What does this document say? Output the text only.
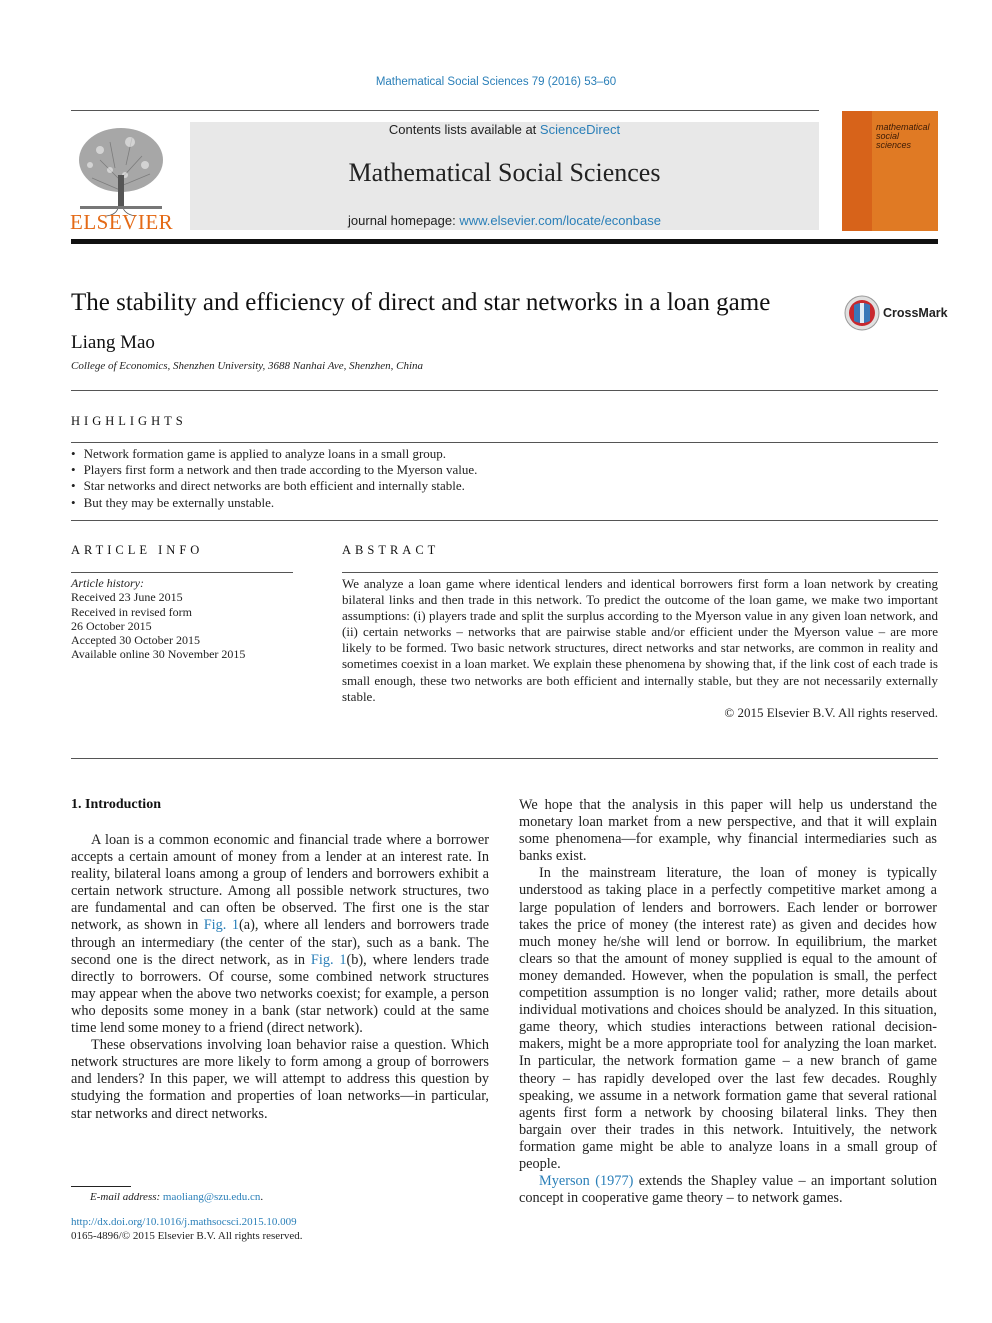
Mathematical Social Sciences 79 (2016) 53–60
ELSEVIER
Contents lists available at ScienceDirect
Mathematical Social Sciences
journal homepage: www.elsevier.com/locate/econbase
mathematical
social
sciences
The stability and efficiency of direct and star networks in a loan game	CrossMark
Liang Mao
College of Economics, Shenzhen University, 3688 Nanhai Ave, Shenzhen, China
HIGHLIGHTS
• Network formation game is applied to analyze loans in a small group.
• Players first form a network and then trade according to the Myerson value.
• Star networks and direct networks are both efficient and internally stable.
• But they may be externally unstable.
ARTICLE INFO
Article history:
Received 23 June 2015
Received in revised form
26 October 2015
Accepted 30 October 2015
Available online 30 November 2015
ABSTRACT
We analyze a loan game where identical lenders and identical borrowers first form a loan network by creating bilateral links and then trade in this network. To predict the outcome of the loan game, we make two important assumptions: (i) players trade and split the surplus according to the Myerson value in any given loan network, and (ii) certain networks – networks that are pairwise stable and/or efficient under the Myerson value – are more likely to be formed. Two basic network structures, direct networks and star networks, are common in reality and sometimes coexist in a loan market. We explain these phenomena by showing that, if the link cost of each trade is small enough, these two networks are both efficient and internally stable, but they are not necessarily externally stable.
© 2015 Elsevier B.V. All rights reserved.
1. Introduction

A loan is a common economic and financial trade where a borrower accepts a certain amount of money from a lender at an interest rate. In reality, bilateral loans among a group of lenders and borrowers exhibit a certain network structure. Among all possible network structures, two are fundamental and can often be observed. The first one is the star network, as shown in Fig. 1(a), where all lenders and borrowers trade through an intermediary (the center of the star), such as a bank. The second one is the direct network, as in Fig. 1(b), where lenders trade directly to borrowers. Of course, some combined network structures may appear when the above two networks coexist; for example, a person who deposits some money in a bank (star network) could at the same time lend some money to a friend (direct network).

These observations involving loan behavior raise a question. Which network structures are more likely to form among a group of borrowers and lenders? In this paper, we will attempt to address this question by studying the formation and properties of loan networks—in particular, star networks and direct networks.

We hope that the analysis in this paper will help us understand the monetary loan market from a new perspective, and that it will explain some phenomena—for example, why financial intermediaries such as banks exist.

In the mainstream literature, the loan of money is typically understood as taking place in a perfectly competitive market among a large population of lenders and borrowers. Each lender or borrower takes the price of money (the interest rate) as given and decides how much money he/she will lend or borrow. In equilibrium, the market clears so that the amount of money supplied is equal to the amount of money demanded. However, when the population is small, the perfect competition assumption is no longer valid; rather, more details about individual motivations and choices should be analyzed. In this situation, game theory, which studies interactions between rational decision-makers, might be a more appropriate tool for analyzing the loan market. In particular, the network formation game – a new branch of game theory – has rapidly developed over the last few decades. Roughly speaking, we assume in a network formation game that several rational agents first form a network by choosing bilateral links. They then bargain over their trades in this network. Intuitively, the network formation game might be able to analyze loans in a small group of people.

Myerson (1977) extends the Shapley value – an important solution concept in cooperative game theory – to network games.

E-mail address: maoliang@szu.edu.cn.
http://dx.doi.org/10.1016/j.mathsocsci.2015.10.009
0165-4896/© 2015 Elsevier B.V. All rights reserved.
